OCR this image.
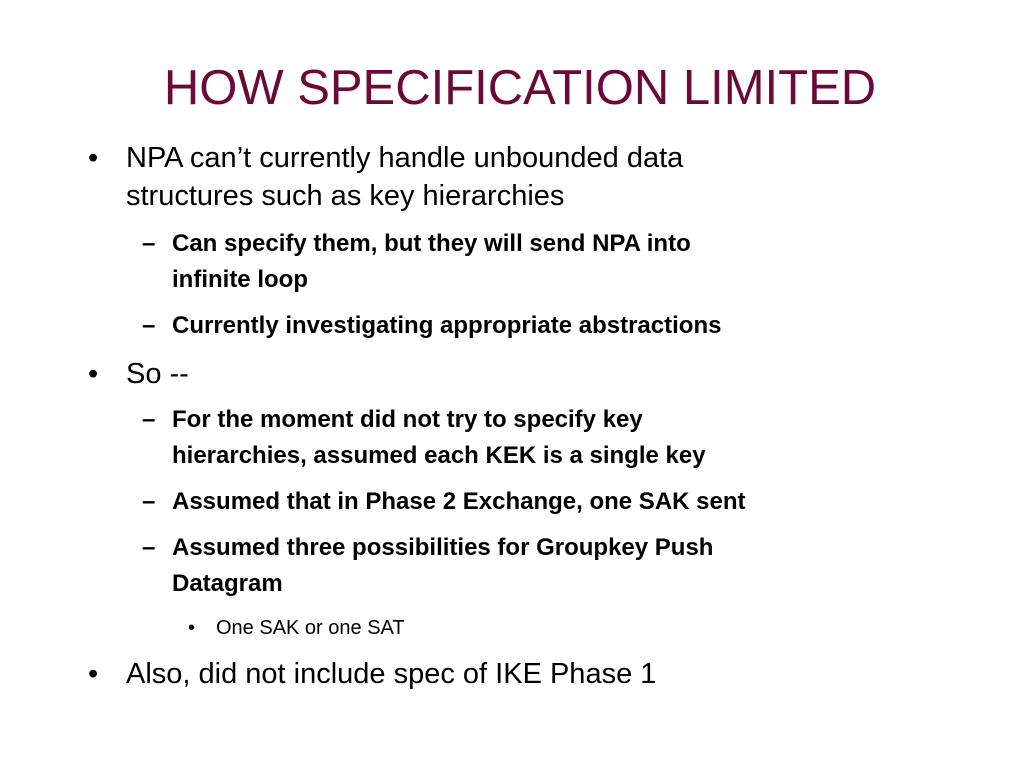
HOW SPECIFICATION LIMITED
• NPA can’t currently handle unbounded data
structures such as key hierarchies
– Can specify them, but they will send NPA into
infinite loop
– Currently investigating appropriate abstractions
• So --
– For the moment did not try to specify key
hierarchies, assumed each KEK is a single key
– Assumed that in Phase 2 Exchange, one SAK sent
– Assumed three possibilities for Groupkey Push
Datagram
• One SAK or one SAT
• Also, did not include spec of IKE Phase 1
